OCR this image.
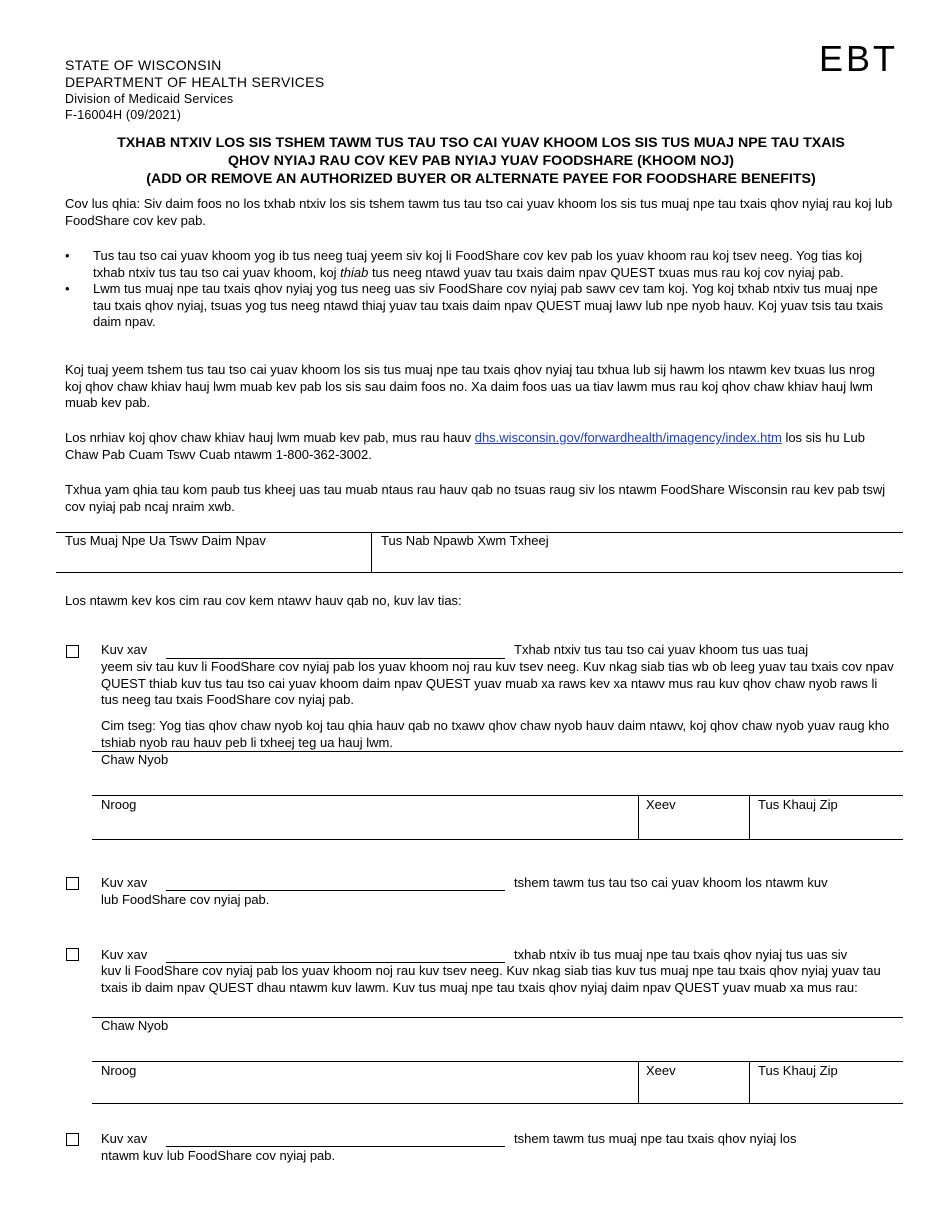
STATE OF WISCONSIN
DEPARTMENT OF HEALTH SERVICES
Division of Medicaid Services
F-16004H (09/2021)
EBT
TXHAB NTXIV LOS SIS TSHEM TAWM TUS TAU TSO CAI YUAV KHOOM LOS SIS TUS MUAJ NPE TAU TXAIS
QHOV NYIAJ RAU COV KEV PAB NYIAJ YUAV FOODSHARE (KHOOM NOJ)
(ADD OR REMOVE AN AUTHORIZED BUYER OR ALTERNATE PAYEE FOR FOODSHARE BENEFITS)
Cov lus qhia: Siv daim foos no los txhab ntxiv los sis tshem tawm tus tau tso cai yuav khoom los sis tus muaj npe tau txais qhov nyiaj rau koj lub FoodShare cov kev pab.
• Tus tau tso cai yuav khoom yog ib tus neeg tuaj yeem siv koj li FoodShare cov kev pab los yuav khoom rau koj tsev neeg. Yog tias koj txhab ntxiv tus tau tso cai yuav khoom, koj thiab tus neeg ntawd yuav tau txais daim npav QUEST txuas mus rau koj cov nyiaj pab.
• Lwm tus muaj npe tau txais qhov nyiaj yog tus neeg uas siv FoodShare cov nyiaj pab sawv cev tam koj. Yog koj txhab ntxiv tus muaj npe tau txais qhov nyiaj, tsuas yog tus neeg ntawd thiaj yuav tau txais daim npav QUEST muaj lawv lub npe nyob hauv. Koj yuav tsis tau txais daim npav.
Koj tuaj yeem tshem tus tau tso cai yuav khoom los sis tus muaj npe tau txais qhov nyiaj tau txhua lub sij hawm los ntawm kev txuas lus nrog koj qhov chaw khiav hauj lwm muab kev pab los sis sau daim foos no. Xa daim foos uas ua tiav lawm mus rau koj qhov chaw khiav hauj lwm muab kev pab.
Los nrhiav koj qhov chaw khiav hauj lwm muab kev pab, mus rau hauv dhs.wisconsin.gov/forwardhealth/imagency/index.htm los sis hu Lub Chaw Pab Cuam Tswv Cuab ntawm 1-800-362-3002.
Txhua yam qhia tau kom paub tus kheej uas tau muab ntaus rau hauv qab no tsuas raug siv los ntawm FoodShare Wisconsin rau kev pab tswj cov nyiaj pab ncaj nraim xwb.
Tus Muaj Npe Ua Tswv Daim Npav	Tus Nab Npawb Xwm Txheej
Los ntawm kev kos cim rau cov kem ntawv hauv qab no, kuv lav tias:
Kuv xav	Txhab ntxiv tus tau tso cai yuav khoom tus uas tuaj
yeem siv tau kuv li FoodShare cov nyiaj pab los yuav khoom noj rau kuv tsev neeg. Kuv nkag siab tias wb ob leeg yuav tau txais cov npav QUEST thiab kuv tus tau tso cai yuav khoom daim npav QUEST yuav muab xa raws kev xa ntawv mus rau kuv qhov chaw nyob raws li tus neeg tau txais FoodShare cov nyiaj pab.
Cim tseg: Yog tias qhov chaw nyob koj tau qhia hauv qab no txawv qhov chaw nyob hauv daim ntawv, koj qhov chaw nyob yuav raug kho tshiab nyob rau hauv peb li txheej teg ua hauj lwm.
Chaw Nyob
Nroog	Xeev	Tus Khauj Zip
Kuv xav	tshem tawm tus tau tso cai yuav khoom los ntawm kuv
lub FoodShare cov nyiaj pab.
Kuv xav	txhab ntxiv ib tus muaj npe tau txais qhov nyiaj tus uas siv
kuv li FoodShare cov nyiaj pab los yuav khoom noj rau kuv tsev neeg. Kuv nkag siab tias kuv tus muaj npe tau txais qhov nyiaj yuav tau txais ib daim npav QUEST dhau ntawm kuv lawm. Kuv tus muaj npe tau txais qhov nyiaj daim npav QUEST yuav muab xa mus rau:
Chaw Nyob
Nroog	Xeev	Tus Khauj Zip
Kuv xav	tshem tawm tus muaj npe tau txais qhov nyiaj los
ntawm kuv lub FoodShare cov nyiaj pab.
